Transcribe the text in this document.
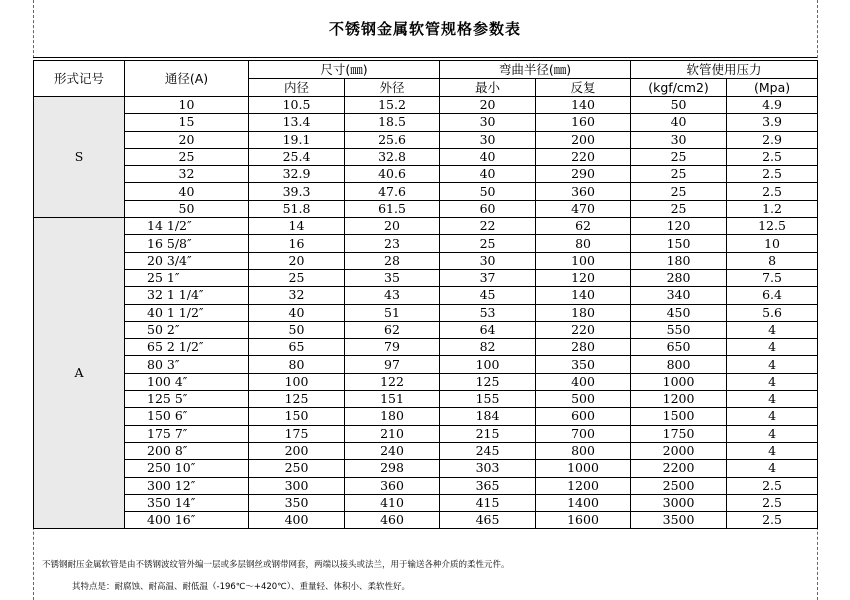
不锈钢金属软管规格参数表
形式记号	通径(A)	尺寸(㎜)		弯曲半径(㎜)		软管使用压力	
		内径	外径	最小	反复	(kgf/cm2)	(Mpa)
S	10	10.5	15.2	20	140	50	4.9
	15	13.4	18.5	30	160	40	3.9
	20	19.1	25.6	30	200	30	2.9
	25	25.4	32.8	40	220	25	2.5
	32	32.9	40.6	40	290	25	2.5
	40	39.3	47.6	50	360	25	2.5
	50	51.8	61.5	60	470	25	1.2
A	14 1/2″	14	20	22	62	120	12.5
	16 5/8″	16	23	25	80	150	10
	20 3/4″	20	28	30	100	180	8
	25 1″	25	35	37	120	280	7.5
	32 1 1/4″	32	43	45	140	340	6.4
	40 1 1/2″	40	51	53	180	450	5.6
	50 2″	50	62	64	220	550	4
	65 2 1/2″	65	79	82	280	650	4
	80 3″	80	97	100	350	800	4
	100 4″	100	122	125	400	1000	4
	125 5″	125	151	155	500	1200	4
	150 6″	150	180	184	600	1500	4
	175 7″	175	210	215	700	1750	4
	200 8″	200	240	245	800	2000	4
	250 10″	250	298	303	1000	2200	4
	300 12″	300	360	365	1200	2500	2.5
	350 14″	350	410	415	1400	3000	2.5
	400 16″	400	460	465	1600	3500	2.5
不锈钢耐压金属软管是由不锈钢波纹管外编一层或多层钢丝或钢带网套，两端以接头或法兰，用于输送各种介质的柔性元件。
其特点是：耐腐蚀、耐高温、耐低温（-196℃～+420℃）、重量轻、体积小、柔软性好。
